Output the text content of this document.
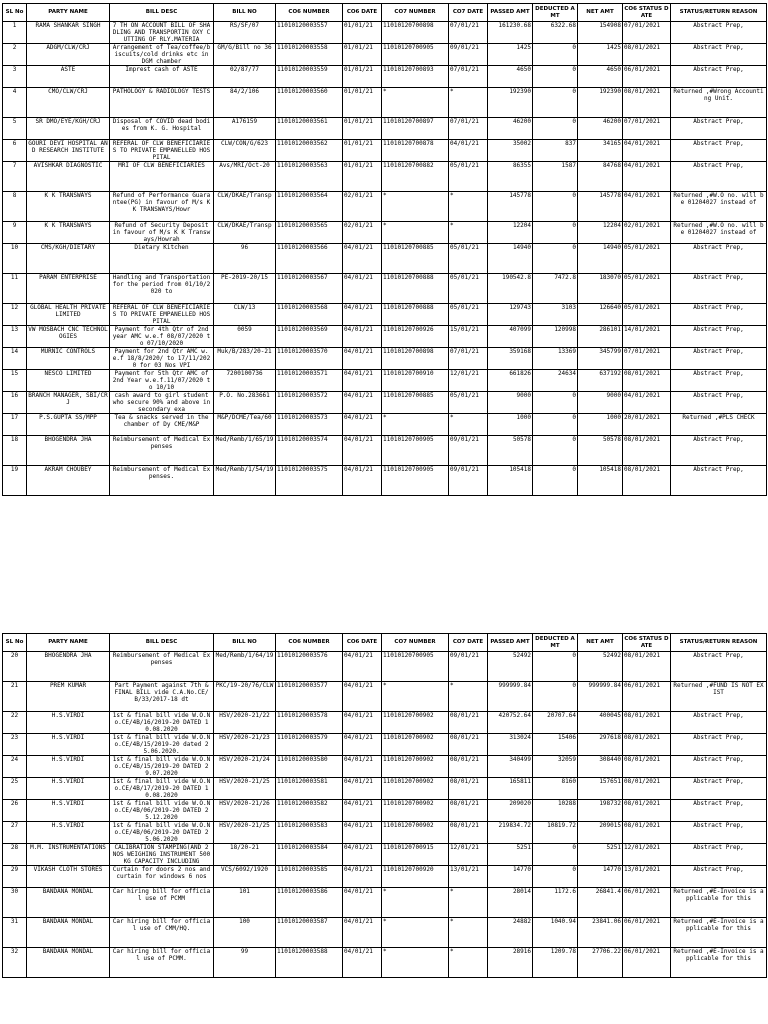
SL No	PARTY NAME	BILL DESC	BILL NO	CO6 NUMBER	CO6 DATE	CO7 NUMBER	CO7 DATE	PASSED AMT	DEDUCTED AMT	NET AMT	CO6 STATUS DATE	STATUS/RETURN REASON
1	RAMA SHANKAR SINGH	7 TH ON ACCOUNT BILL OF SHADLING AND TRANSPORTIN OXY CUTTING OF RLY.MATERIA	RS/SF/07	11010120003557	01/01/21	11010120700898	07/01/21	161230.68	6322.68	154908	07/01/2021	Abstract Prep,
2	ADGM/CLW/CRJ	Arrangement of Tea/coffee/biscuits/cold drinks etc in DGM chamber	GM/G/Bill no 36	11010120003558	01/01/21	11010120700905	09/01/21	1425	0	1425	08/01/2021	Abstract Prep,
3	ASTE	Imprest cash of ASTE	02/87/77	11010120003559	01/01/21	11010120700893	07/01/21	4650	0	4650	06/01/2021	Abstract Prep,
4	CMO/CLW/CRJ	PATHOLOGY & RADIOLOGY TESTS	84/2/106	11010120003560	01/01/21	*	*	192390	0	192390	08/01/2021	Returned ,#Wrong Accounting Unit.
5	SR DMO/EYE/KGH/CRJ	Disposal of COVID dead bodies from K. G. Hospital	A176159	11010120003561	01/01/21	11010120700897	07/01/21	46200	0	46200	07/01/2021	Abstract Prep,
6	GOURI DEVI HOSPITAL AND RESEARCH INSTITUTE	REFERAL OF CLW BENEFICIARIES TO PRIVATE EMPANELLED HOSPITAL	CLW/CON/G/623	11010120003562	01/01/21	11010120700878	04/01/21	35002	837	34165	04/01/2021	Abstract Prep,
7	AVISHKAR DIAGNOSTIC	MRI OF CLW BENEFICIARIES	Avs/MRI/Oct-20	11010120003563	01/01/21	11010120700882	05/01/21	86355	1587	84768	04/01/2021	Abstract Prep,
8	K K TRANSWAYS	Refund of Performance Guarantee(PG) in favour of M/s K K TRANSWAYS/Howr	CLW/DKAE/Transp	11010120003564	02/01/21	*	*	145778	0	145778	04/01/2021	Returned ,#W.O no. will be 01204027 instead of
9	K K TRANSWAYS	Refund of Security Deposit in favour of M/s K K Transways/Howrah	CLW/DKAE/Transp	11010120003565	02/01/21	*	*	12204	0	12204	02/01/2021	Returned ,#W.O no. will be 01204027 instead of
10	CMS/KGH/DIETARY	Dietary Kitchen	96	11010120003566	04/01/21	11010120700885	05/01/21	14940	0	14940	05/01/2021	Abstract Prep,
11	PARAM ENTERPRISE	Handling and Transportation for the period from 01/10/2020 to	PE-2019-20/15	11010120003567	04/01/21	11010120700888	05/01/21	190542.8	7472.8	183070	05/01/2021	Abstract Prep,
12	GLOBAL HEALTH PRIVATE LIMITED	REFERAL OF CLW BENEFICIARIES TO PRIVATE EMPANELLED HOSPITAL	CLW/13	11010120003568	04/01/21	11010120700888	05/01/21	129743	3103	126640	05/01/2021	Abstract Prep,
13	VW MOSBACH CNC TECHNOLOGIES	Payment for 4th Qtr of 2nd year AMC w.e.f 08/07/2020 to 07/10/2020	0059	11010120003569	04/01/21	11010120700926	15/01/21	407099	120998	286101	14/01/2021	Abstract Prep,
14	MURNIC CONTROLS	Payment for 2nd Qtr AMC w.e.f 18/8/2020/ to 17/11/2020 for 03 Nos VPI	Muk/B/283/20-21	11010120003570	04/01/21	11010120700898	07/01/21	359168	13369	345799	07/01/2021	Abstract Prep,
15	NESCO LIMITED	Payment for 5th Qtr AMC of 2nd Year w.e.f.11/07/2020 to 10/10	7200100736	11010120003571	04/01/21	11010120700910	12/01/21	661826	24634	637192	08/01/2021	Abstract Prep,
16	BRANCH MANAGER, SBI/CRJ	cash award to girl student who secure 90% and above in secondary exa	P.O. No.283661	11010120003572	04/01/21	11010120700885	05/01/21	9000	0	9000	04/01/2021	Abstract Prep,
17	P.S.GUPTA SS/MPP	Tea & snacks served in the chamber of Dy CME/M&P	M&P/DCME/Tea/60	11010120003573	04/01/21	*	*	1000	0	1000	20/01/2021	Returned ,#PLS CHECK
18	BHOGENDRA JHA	Reimbursement of Medical Expenses	Med/Remb/1/65/19	11010120003574	04/01/21	11010120700905	09/01/21	50578	0	50578	08/01/2021	Abstract Prep,
19	AKRAM CHOUBEY	Reimbursement of Medical Expenses.	Med/Remb/1/54/19	11010120003575	04/01/21	11010120700905	09/01/21	105418	0	105418	08/01/2021	Abstract Prep,
SL No	PARTY NAME	BILL DESC	BILL NO	CO6 NUMBER	CO6 DATE	CO7 NUMBER	CO7 DATE	PASSED AMT	DEDUCTED AMT	NET AMT	CO6 STATUS DATE	STATUS/RETURN REASON
20	BHOGENDRA JHA	Reimbursement of Medical Expenses	Med/Remb/1/64/19	11010120003576	04/01/21	11010120700905	09/01/21	52492	0	52492	08/01/2021	Abstract Prep,
21	PREM KUMAR	Part Payment against 7th & FINAL BILL vide C.A.No.CE/B/33/2017-18 dt	PKC/19-20/76/CLW	11010120003577	04/01/21	*	*	999999.84	0	999999.84	06/01/2021	Returned ,#FUND IS NOT EXIST
22	H.S.VIRDI	1st & final bill vide W.O.No.CE/4B/16/2019-20 DATED 10.08.2020	HSV/2020-21/22	11010120003578	04/01/21	11010120700902	08/01/21	420752.64	20707.64	400045	08/01/2021	Abstract Prep,
23	H.S.VIRDI	1st & final bill vide W.O.No.CE/4B/15/2019-20 dated 25.06.2020.	HSV/2020-21/23	11010120003579	04/01/21	11010120700902	08/01/21	313024	15406	297618	08/01/2021	Abstract Prep,
24	H.S.VIRDI	1st & final bill vide W.O.No.CE/4B/15/2019-20 DATED 29.07.2020	HSV/2020-21/24	11010120003580	04/01/21	11010120700902	08/01/21	340499	32059	308440	08/01/2021	Abstract Prep,
25	H.S.VIRDI	1st & final bill vide W.O.No.CE/4B/17/2019-20 DATED 10.08.2020	HSV/2020-21/25	11010120003581	04/01/21	11010120700902	08/01/21	165811	8160	157651	08/01/2021	Abstract Prep,
26	H.S.VIRDI	1st & final bill vide W.O.No.CE/4B/06/2019-20 DATED 25.12.2020	HSV/2020-21/26	11010120003582	04/01/21	11010120700902	08/01/21	209020	10288	198732	08/01/2021	Abstract Prep,
27	H.S.VIRDI	1st & final bill vide W.O.No.CE/4B/06/2019-20 DATED 25.06.2020	HSV/2020-21/25	11010120003583	04/01/21	11010120700902	08/01/21	219834.72	10819.72	209015	08/01/2021	Abstract Prep,
28	M.M. INSTRUMENTATIONS	CALIBRATION STAMPING(AND 2 NOS WEIGHING INSTRUMENT 500KG CAPACITY INCLUDING	18/20-21	11010120003584	04/01/21	11010120700915	12/01/21	5251	0	5251	12/01/2021	Abstract Prep,
29	VIKASH CLOTH STORES	Curtain for doors 2 nos and curtain for windows 6 nos	VCS/6092/1920	11010120003585	04/01/21	11010120700920	13/01/21	14770	0	14770	13/01/2021	Abstract Prep,
30	BANDANA MONDAL	Car hiring bill for official use of PCMM	101	11010120003586	04/01/21	*	*	28014	1172.6	26841.4	06/01/2021	Returned ,#E-Invoice is applicable for this
31	BANDANA MONDAL	Car hiring bill for official use of CMM/HQ.	100	11010120003587	04/01/21	*	*	24882	1040.94	23841.06	06/01/2021	Returned ,#E-Invoice is applicable for this
32	BANDANA MONDAL	Car hiring bill for official use of PCMM.	99	11010120003588	04/01/21	*	*	28916	1209.78	27706.22	06/01/2021	Returned ,#E-Invoice is applicable for this
